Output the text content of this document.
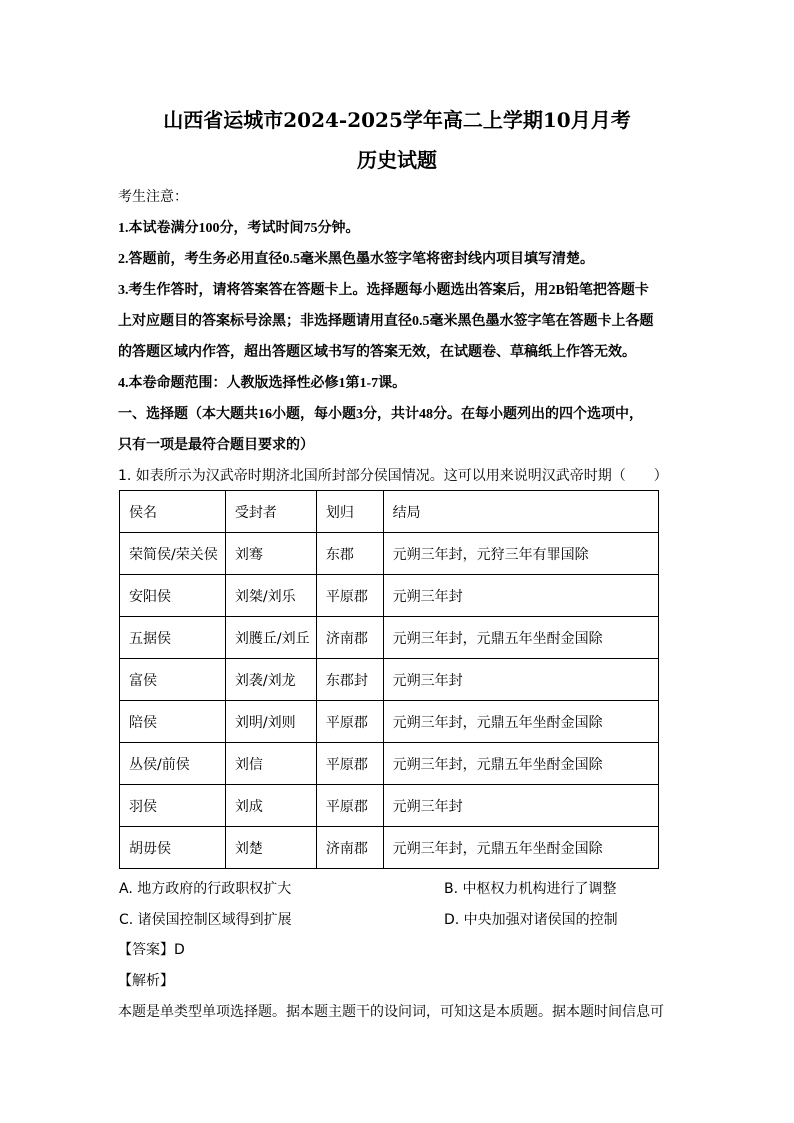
山西省运城市2024-2025学年高二上学期10月月考
历史试题
考生注意：
1.本试卷满分100分，考试时间75分钟。
2.答题前，考生务必用直径0.5毫米黑色墨水签字笔将密封线内项目填写清楚。
3.考生作答时，请将答案答在答题卡上。选择题每小题选出答案后，用2B铅笔把答题卡
上对应题目的答案标号涂黑；非选择题请用直径0.5毫米黑色墨水签字笔在答题卡上各题
的答题区域内作答，超出答题区域书写的答案无效，在试题卷、草稿纸上作答无效。
4.本卷命题范围：人教版选择性必修1第1-7课。
一、选择题（本大题共16小题，每小题3分，共计48分。在每小题列出的四个选项中，
只有一项是最符合题目要求的）
1. 如表所示为汉武帝时期济北国所封部分侯国情况。这可以用来说明汉武帝时期（　　）
侯名	受封者	划归	结局
荣简侯/荣关侯	刘骞	东郡	元朔三年封，元狩三年有罪国除
安阳侯	刘桀/刘乐	平原郡	元朔三年封
五据侯	刘臒丘/刘丘	济南郡	元朔三年封，元鼎五年坐酎金国除
富侯	刘袭/刘龙	东郡封	元朔三年封
陪侯	刘明/刘则	平原郡	元朔三年封，元鼎五年坐酎金国除
丛侯/前侯	刘信	平原郡	元朔三年封，元鼎五年坐酎金国除
羽侯	刘成	平原郡	元朔三年封
胡毋侯	刘楚	济南郡	元朔三年封，元鼎五年坐酎金国除
A. 地方政府的行政职权扩大	B. 中枢权力机构进行了调整
C. 诸侯国控制区域得到扩展	D. 中央加强对诸侯国的控制
【答案】D
【解析】
本题是单类型单项选择题。据本题主题干的设问词，可知这是本质题。据本题时间信息可
